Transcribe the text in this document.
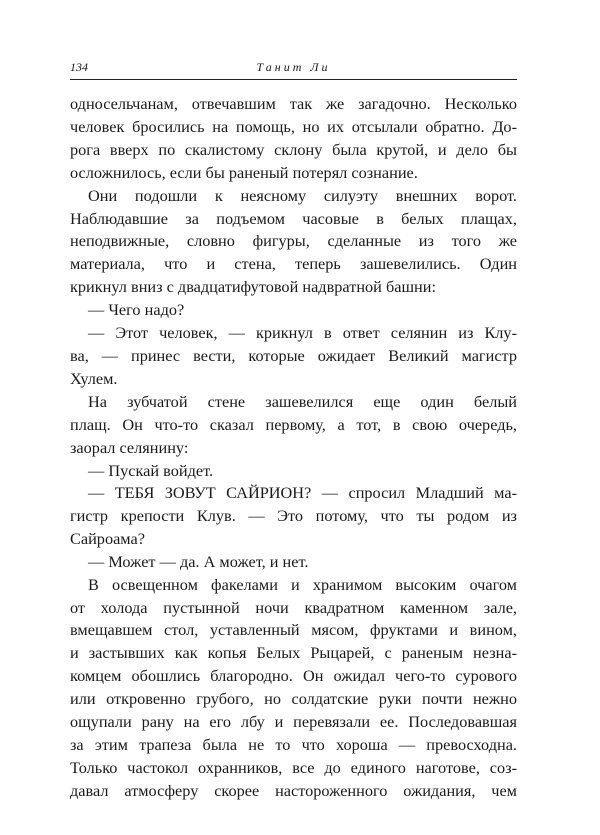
134	Танит Ли
односельчанам, отвечавшим так же загадочно. Несколько
человек бросились на помощь, но их отсылали обратно. До-
рога вверх по скалистому склону была крутой, и дело бы
осложнилось, если бы раненый потерял сознание.
Они подошли к неясному силуэту внешних ворот.
Наблюдавшие за подъемом часовые в белых плащах,
неподвижные, словно фигуры, сделанные из того же
материала, что и стена, теперь зашевелились. Один
крикнул вниз с двадцатифутовой надвратной башни:
— Чего надо?
— Этот человек, — крикнул в ответ селянин из Клу-
ва, — принес вести, которые ожидает Великий магистр
Хулем.
На зубчатой стене зашевелился еще один белый
плащ. Он что-то сказал первому, а тот, в свою очередь,
заорал селянину:
— Пускай войдет.
— ТЕБЯ ЗОВУТ САЙРИОН? — спросил Младший ма-
гистр крепости Клув. — Это потому, что ты родом из
Сайроама?
— Может — да. А может, и нет.
В освещенном факелами и хранимом высоким очагом
от холода пустынной ночи квадратном каменном зале,
вмещавшем стол, уставленный мясом, фруктами и вином,
и застывших как копья Белых Рыцарей, с раненым незна-
комцем обошлись благородно. Он ожидал чего-то сурового
или откровенно грубого, но солдатские руки почти нежно
ощупали рану на его лбу и перевязали ее. Последовавшая
за этим трапеза была не то что хороша — превосходна.
Только частокол охранников, все до единого наготове, соз-
давал атмосферу скорее настороженного ожидания, чем
